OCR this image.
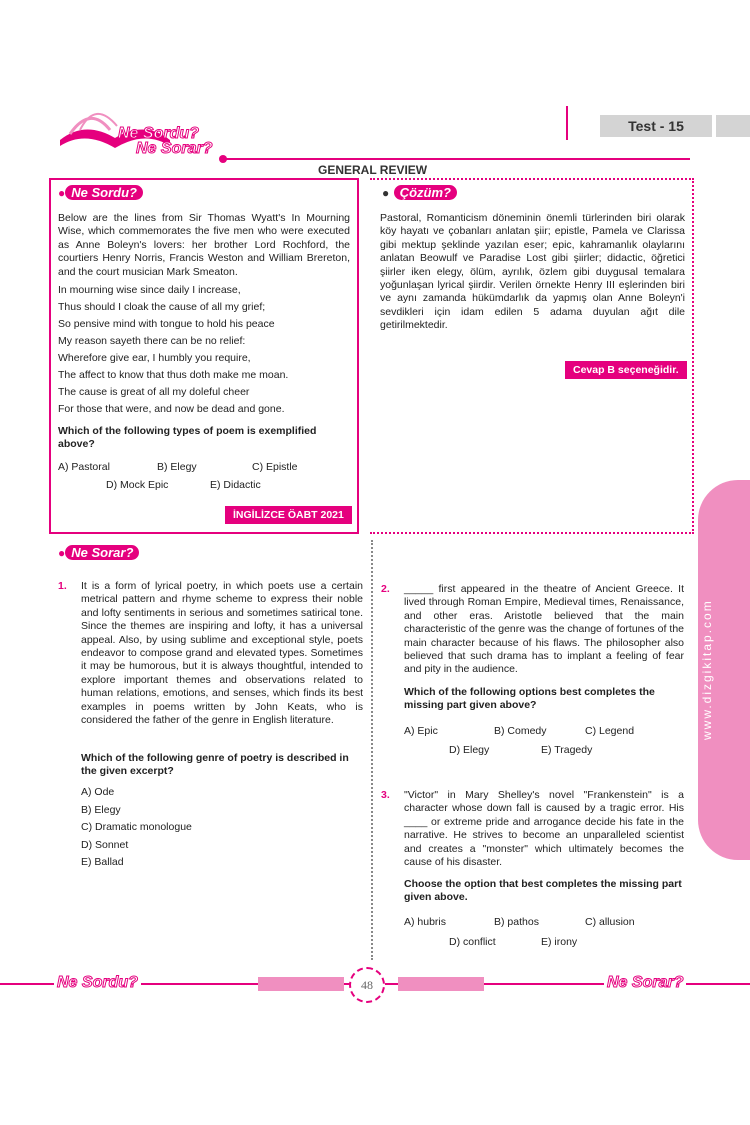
Ne Sordu?
Ne Sorar?
Test - 15
GENERAL REVIEW
● Ne Sordu?
Below are the lines from Sir Thomas Wyatt's In Mourning Wise, which commemorates the five men who were executed as Anne Boleyn's lovers: her brother Lord Rochford, the courtiers Henry Norris, Francis Weston and William Brereton, and the court musician Mark Smeaton.
In mourning wise since daily I increase,
Thus should I cloak the cause of all my grief;
So pensive mind with tongue to hold his peace
My reason sayeth there can be no relief:
Wherefore give ear, I humbly you require,
The affect to know that thus doth make me moan.
The cause is great of all my doleful cheer
For those that were, and now be dead and gone.
Which of the following types of poem is exemplified above?
A) Pastoral	B) Elegy	C) Epistle
D) Mock Epic	E) Didactic
İNGİLİZCE ÖABT 2021
● Çözüm?
Pastoral, Romanticism döneminin önemli türlerinden biri olarak köy hayatı ve çobanları anlatan şiir; epistle, Pamela ve Clarissa gibi mektup şeklinde yazılan eser; epic, kahramanlık olaylarını anlatan Beowulf ve Paradise Lost gibi şiirler; didactic, öğretici şiirler iken elegy, ölüm, ayrılık, özlem gibi duygusal temalara yoğunlaşan lyrical şiirdir. Verilen örnekte Henry III eşlerinden biri ve aynı zamanda hükümdarlık da yapmış olan Anne Boleyn'i sevdikleri için idam edilen 5 adama duyulan ağıt dile getirilmektedir.
Cevap B seçeneğidir.
www.dizgikitap.com
● Ne Sorar?
1. It is a form of lyrical poetry, in which poets use a certain metrical pattern and rhyme scheme to express their noble and lofty sentiments in serious and sometimes satirical tone. Since the themes are inspiring and lofty, it has a universal appeal. Also, by using sublime and exceptional style, poets endeavor to compose grand and elevated types. Sometimes it may be humorous, but it is always thoughtful, intended to explore important themes and observations related to human relations, emotions, and senses, which finds its best examples in poems written by John Keats, who is considered the father of the genre in English literature.
Which of the following genre of poetry is described in the given excerpt?
A) Ode
B) Elegy
C) Dramatic monologue
D) Sonnet
E) Ballad
2. _____ first appeared in the theatre of Ancient Greece. It lived through Roman Empire, Medieval times, Renaissance, and other eras. Aristotle believed that the main characteristic of the genre was the change of fortunes of the main character because of his flaws. The philosopher also believed that such drama has to implant a feeling of fear and pity in the audience.
Which of the following options best completes the missing part given above?
A) Epic	B) Comedy	C) Legend
D) Elegy	E) Tragedy
3. "Victor" in Mary Shelley's novel "Frankenstein" is a character whose down fall is caused by a tragic error. His ____ or extreme pride and arrogance decide his fate in the narrative. He strives to become an unparalleled scientist and creates a "monster" which ultimately becomes the cause of his disaster.
Choose the option that best completes the missing part given above.
A) hubris	B) pathos	C) allusion
D) conflict	E) irony
Ne Sordu?	Ne Sorar?
48
